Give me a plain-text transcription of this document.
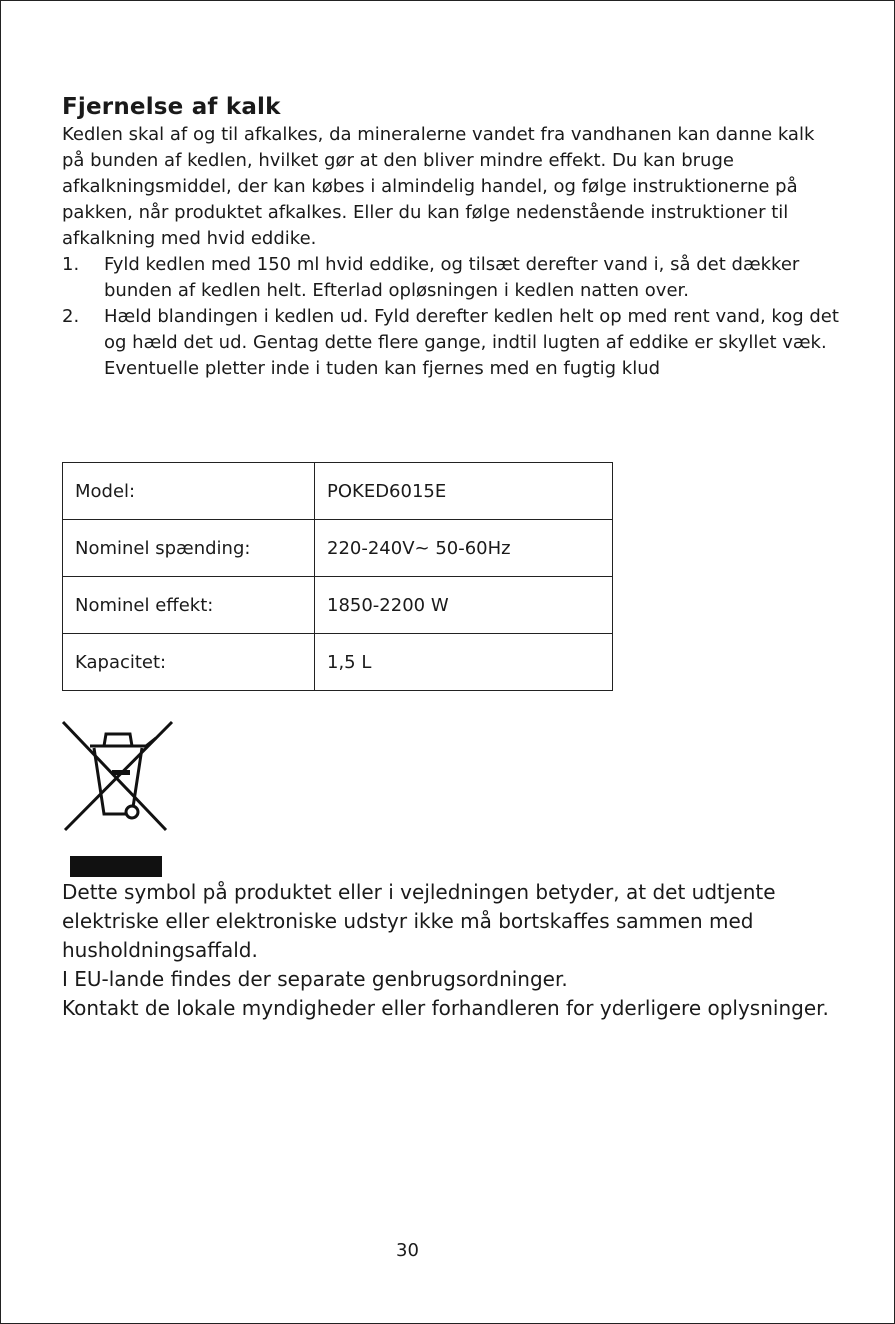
Fjernelse af kalk

Kedlen skal af og til afkalkes, da mineralerne vandet fra vandhanen kan danne kalk på bunden af kedlen, hvilket gør at den bliver mindre effekt. Du kan bruge afkalkningsmiddel, der kan købes i almindelig handel, og følge instruktionerne på pakken, når produktet afkalkes. Eller du kan følge nedenstående instruktioner til afkalkning med hvid eddike.

1. Fyld kedlen med 150 ml hvid eddike, og tilsæt derefter vand i, så det dækker bunden af kedlen helt. Efterlad opløsningen i kedlen natten over.
2. Hæld blandingen i kedlen ud. Fyld derefter kedlen helt op med rent vand, kog det og hæld det ud. Gentag dette flere gange, indtil lugten af eddike er skyllet væk. Eventuelle pletter inde i tuden kan fjernes med en fugtig klud
Model:	POKED6015E
Nominel spænding:	220-240V~ 50-60Hz
Nominel effekt:	1850-2200 W
Kapacitet:	1,5 L
Dette symbol på produktet eller i vejledningen betyder, at det udtjente elektriske eller elektroniske udstyr ikke må bortskaffes sammen med husholdningsaffald.
I EU-lande findes der separate genbrugsordninger.
Kontakt de lokale myndigheder eller forhandleren for yderligere oplysninger.
30
